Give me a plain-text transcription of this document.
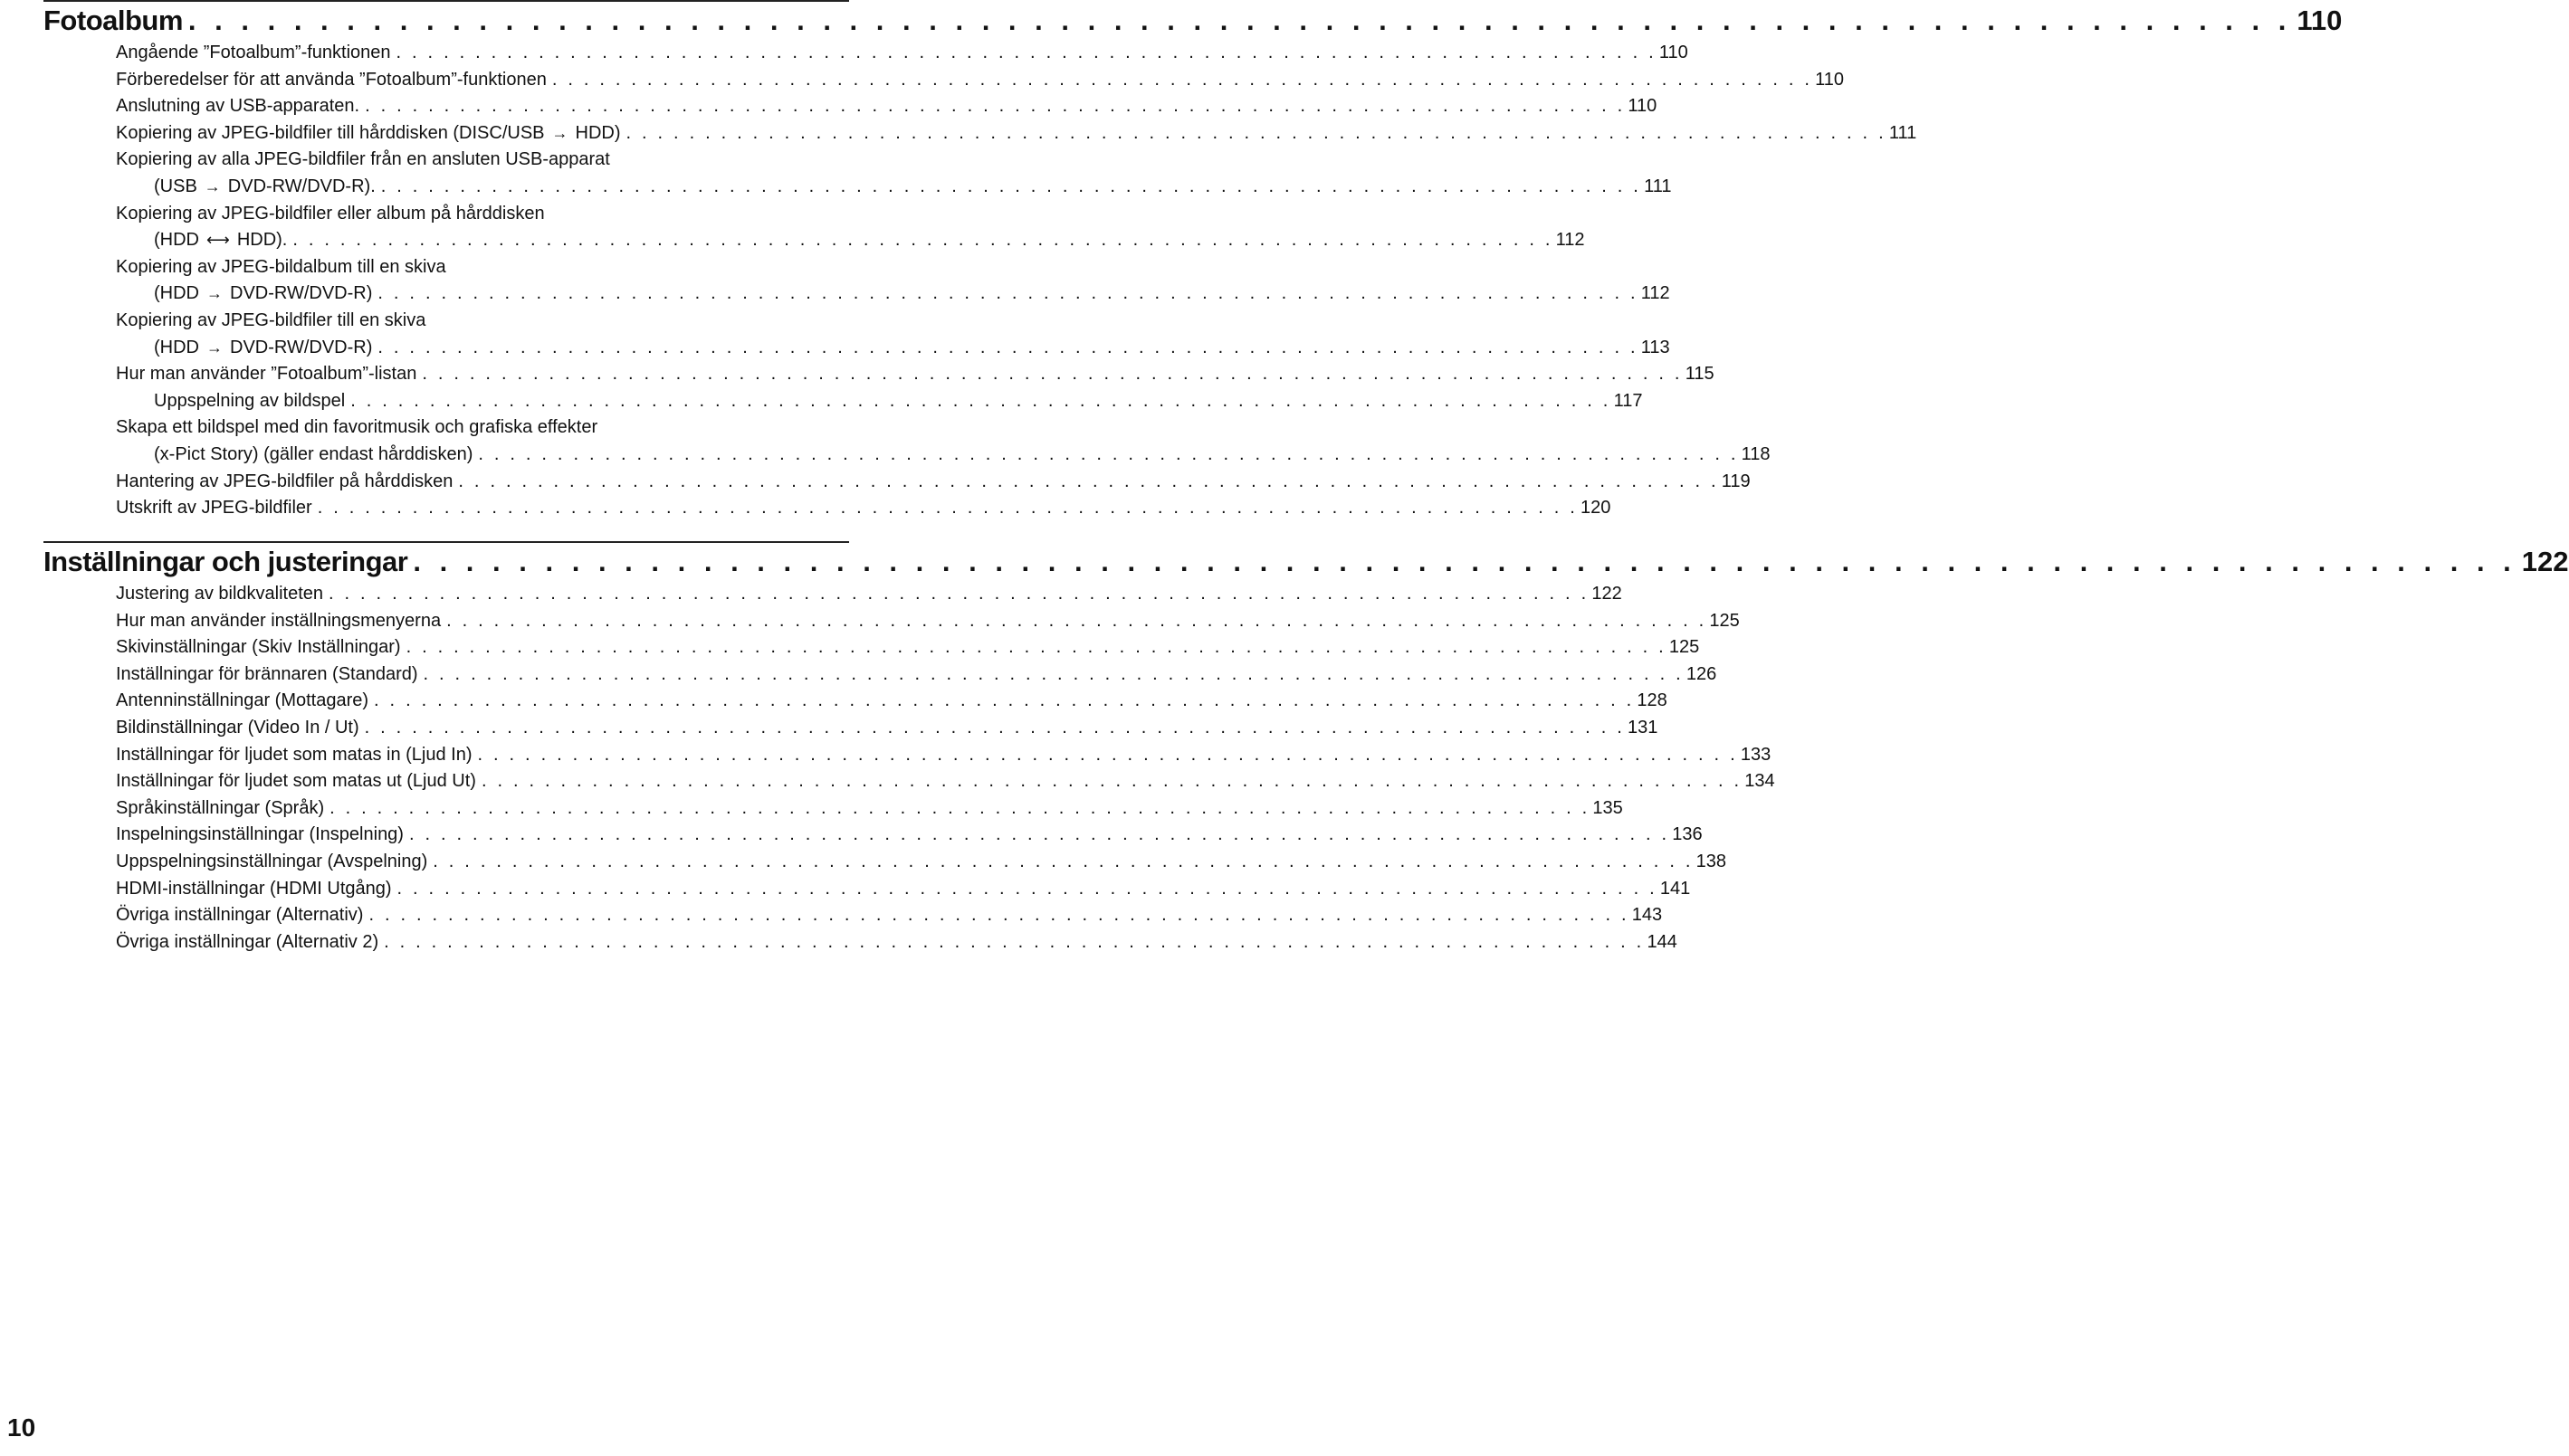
Fotoalbum . . . . . . . . . . . . . . . . . . . . . . . . . . . . . . . . . . . . . . . . . . . . . . . . . . . . . . . . . . . . . . . . . . . . . . . . . . . . . . . . 110
Angående ”Fotoalbum”-funktionen . . . . . . . . . . . . . . . . . . . . . . . . . . . . . . . . . . . . . . . . . . . . . . . . . . . . . . . . . . . . . . . . . . . . . . . . . . . . . . . . 110
Förberedelser för att använda ”Fotoalbum”-funktionen . . . . . . . . . . . . . . . . . . . . . . . . . . . . . . . . . . . . . . . . . . . . . . . . . . . . . . . . . . . . . . . . . . . . . . . . . . . . . . . . 110
Anslutning av USB-apparaten. . . . . . . . . . . . . . . . . . . . . . . . . . . . . . . . . . . . . . . . . . . . . . . . . . . . . . . . . . . . . . . . . . . . . . . . . . . . . . . . . 110
Kopiering av JPEG-bildfiler till hårddisken (DISC/USB → HDD) . . . . . . . . . . . . . . . . . . . . . . . . . . . . . . . . . . . . . . . . . . . . . . . . . . . . . . . . . . . . . . . . . . . . . . . . . . . . . . . . 111
Kopiering av alla JPEG-bildfiler från en ansluten USB-apparat
(USB → DVD-RW/DVD-R). . . . . . . . . . . . . . . . . . . . . . . . . . . . . . . . . . . . . . . . . . . . . . . . . . . . . . . . . . . . . . . . . . . . . . . . . . . . . . . . . 111
Kopiering av JPEG-bildfiler eller album på hårddisken
(HDD ⟷ HDD). . . . . . . . . . . . . . . . . . . . . . . . . . . . . . . . . . . . . . . . . . . . . . . . . . . . . . . . . . . . . . . . . . . . . . . . . . . . . . . . . 112
Kopiering av JPEG-bildalbum till en skiva
(HDD → DVD-RW/DVD-R) . . . . . . . . . . . . . . . . . . . . . . . . . . . . . . . . . . . . . . . . . . . . . . . . . . . . . . . . . . . . . . . . . . . . . . . . . . . . . . . . 112
Kopiering av JPEG-bildfiler till en skiva
(HDD → DVD-RW/DVD-R) . . . . . . . . . . . . . . . . . . . . . . . . . . . . . . . . . . . . . . . . . . . . . . . . . . . . . . . . . . . . . . . . . . . . . . . . . . . . . . . . 113
Hur man använder ”Fotoalbum”-listan . . . . . . . . . . . . . . . . . . . . . . . . . . . . . . . . . . . . . . . . . . . . . . . . . . . . . . . . . . . . . . . . . . . . . . . . . . . . . . . . 115
Uppspelning av bildspel . . . . . . . . . . . . . . . . . . . . . . . . . . . . . . . . . . . . . . . . . . . . . . . . . . . . . . . . . . . . . . . . . . . . . . . . . . . . . . . . 117
Skapa ett bildspel med din favoritmusik och grafiska effekter
(x-Pict Story) (gäller endast hårddisken) . . . . . . . . . . . . . . . . . . . . . . . . . . . . . . . . . . . . . . . . . . . . . . . . . . . . . . . . . . . . . . . . . . . . . . . . . . . . . . . . 118
Hantering av JPEG-bildfiler på hårddisken . . . . . . . . . . . . . . . . . . . . . . . . . . . . . . . . . . . . . . . . . . . . . . . . . . . . . . . . . . . . . . . . . . . . . . . . . . . . . . . . 119
Utskrift av JPEG-bildfiler . . . . . . . . . . . . . . . . . . . . . . . . . . . . . . . . . . . . . . . . . . . . . . . . . . . . . . . . . . . . . . . . . . . . . . . . . . . . . . . . 120
Inställningar och justeringar . . . . . . . . . . . . . . . . . . . . . . . . . . . . . . . . . . . . . . . . . . . . . . . . . . . . . . . . . . . . . . . . . . . . . . . . . . . . . . . . 122
Justering av bildkvaliteten . . . . . . . . . . . . . . . . . . . . . . . . . . . . . . . . . . . . . . . . . . . . . . . . . . . . . . . . . . . . . . . . . . . . . . . . . . . . . . . . 122
Hur man använder inställningsmenyerna . . . . . . . . . . . . . . . . . . . . . . . . . . . . . . . . . . . . . . . . . . . . . . . . . . . . . . . . . . . . . . . . . . . . . . . . . . . . . . . . 125
Skivinställningar (Skiv Inställningar) . . . . . . . . . . . . . . . . . . . . . . . . . . . . . . . . . . . . . . . . . . . . . . . . . . . . . . . . . . . . . . . . . . . . . . . . . . . . . . . . 125
Inställningar för brännaren (Standard) . . . . . . . . . . . . . . . . . . . . . . . . . . . . . . . . . . . . . . . . . . . . . . . . . . . . . . . . . . . . . . . . . . . . . . . . . . . . . . . . 126
Antenninställningar (Mottagare) . . . . . . . . . . . . . . . . . . . . . . . . . . . . . . . . . . . . . . . . . . . . . . . . . . . . . . . . . . . . . . . . . . . . . . . . . . . . . . . . 128
Bildinställningar (Video In / Ut) . . . . . . . . . . . . . . . . . . . . . . . . . . . . . . . . . . . . . . . . . . . . . . . . . . . . . . . . . . . . . . . . . . . . . . . . . . . . . . . . 131
Inställningar för ljudet som matas in (Ljud In) . . . . . . . . . . . . . . . . . . . . . . . . . . . . . . . . . . . . . . . . . . . . . . . . . . . . . . . . . . . . . . . . . . . . . . . . . . . . . . . . 133
Inställningar för ljudet som matas ut (Ljud Ut) . . . . . . . . . . . . . . . . . . . . . . . . . . . . . . . . . . . . . . . . . . . . . . . . . . . . . . . . . . . . . . . . . . . . . . . . . . . . . . . . 134
Språkinställningar (Språk) . . . . . . . . . . . . . . . . . . . . . . . . . . . . . . . . . . . . . . . . . . . . . . . . . . . . . . . . . . . . . . . . . . . . . . . . . . . . . . . . 135
Inspelningsinställningar (Inspelning) . . . . . . . . . . . . . . . . . . . . . . . . . . . . . . . . . . . . . . . . . . . . . . . . . . . . . . . . . . . . . . . . . . . . . . . . . . . . . . . . 136
Uppspelningsinställningar (Avspelning) . . . . . . . . . . . . . . . . . . . . . . . . . . . . . . . . . . . . . . . . . . . . . . . . . . . . . . . . . . . . . . . . . . . . . . . . . . . . . . . . 138
HDMI-inställningar (HDMI Utgång) . . . . . . . . . . . . . . . . . . . . . . . . . . . . . . . . . . . . . . . . . . . . . . . . . . . . . . . . . . . . . . . . . . . . . . . . . . . . . . . . 141
Övriga inställningar (Alternativ) . . . . . . . . . . . . . . . . . . . . . . . . . . . . . . . . . . . . . . . . . . . . . . . . . . . . . . . . . . . . . . . . . . . . . . . . . . . . . . . . 143
Övriga inställningar (Alternativ 2) . . . . . . . . . . . . . . . . . . . . . . . . . . . . . . . . . . . . . . . . . . . . . . . . . . . . . . . . . . . . . . . . . . . . . . . . . . . . . . . . 144
10
